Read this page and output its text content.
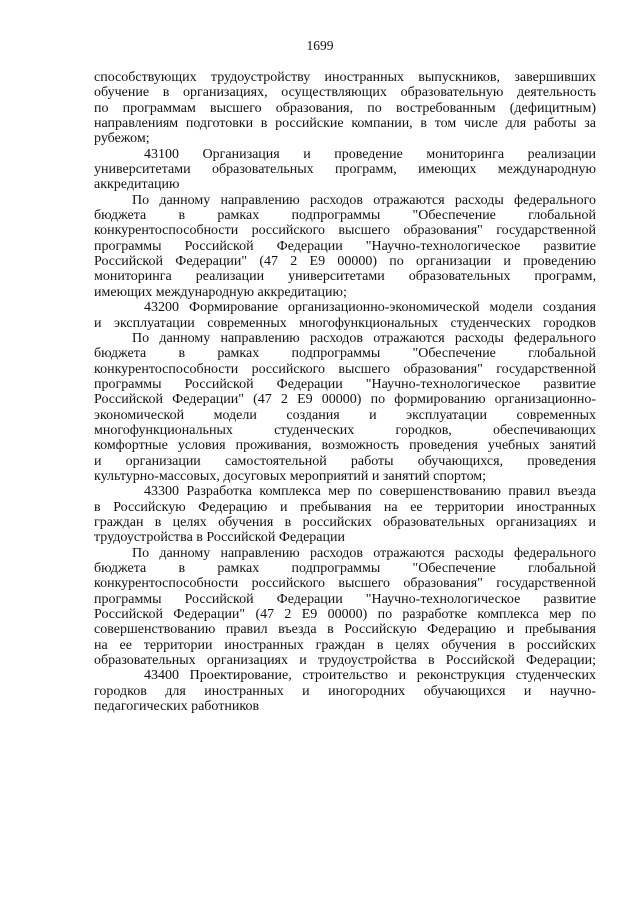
1699
способствующих трудоустройству иностранных выпускников, завершивших
обучение в организациях, осуществляющих образовательную деятельность
по программам высшего образования, по востребованным (дефицитным)
направлениям подготовки в российские компании, в том числе для работы за
рубежом;
43100 Организация и проведение мониторинга реализации
университетами образовательных программ, имеющих международную
аккредитацию
По данному направлению расходов отражаются расходы федерального
бюджета в рамках подпрограммы "Обеспечение глобальной
конкурентоспособности российского высшего образования" государственной
программы Российской Федерации "Научно-технологическое развитие
Российской Федерации" (47 2 Е9 00000) по организации и проведению
мониторинга реализации университетами образовательных программ,
имеющих международную аккредитацию;
43200 Формирование организационно-экономической модели создания
и эксплуатации современных многофункциональных студенческих городков
По данному направлению расходов отражаются расходы федерального
бюджета в рамках подпрограммы "Обеспечение глобальной
конкурентоспособности российского высшего образования" государственной
программы Российской Федерации "Научно-технологическое развитие
Российской Федерации" (47 2 Е9 00000) по формированию организационно-
экономической модели создания и эксплуатации современных
многофункциональных студенческих городков, обеспечивающих
комфортные условия проживания, возможность проведения учебных занятий
и организации самостоятельной работы обучающихся, проведения
культурно-массовых, досуговых мероприятий и занятий спортом;
43300 Разработка комплекса мер по совершенствованию правил въезда
в Российскую Федерацию и пребывания на ее территории иностранных
граждан в целях обучения в российских образовательных организациях и
трудоустройства в Российской Федерации
По данному направлению расходов отражаются расходы федерального
бюджета в рамках подпрограммы "Обеспечение глобальной
конкурентоспособности российского высшего образования" государственной
программы Российской Федерации "Научно-технологическое развитие
Российской Федерации" (47 2 Е9 00000) по разработке комплекса мер по
совершенствованию правил въезда в Российскую Федерацию и пребывания
на ее территории иностранных граждан в целях обучения в российских
образовательных организациях и трудоустройства в Российской Федерации;
43400 Проектирование, строительство и реконструкция студенческих
городков для иностранных и иногородних обучающихся и научно-
педагогических работников
